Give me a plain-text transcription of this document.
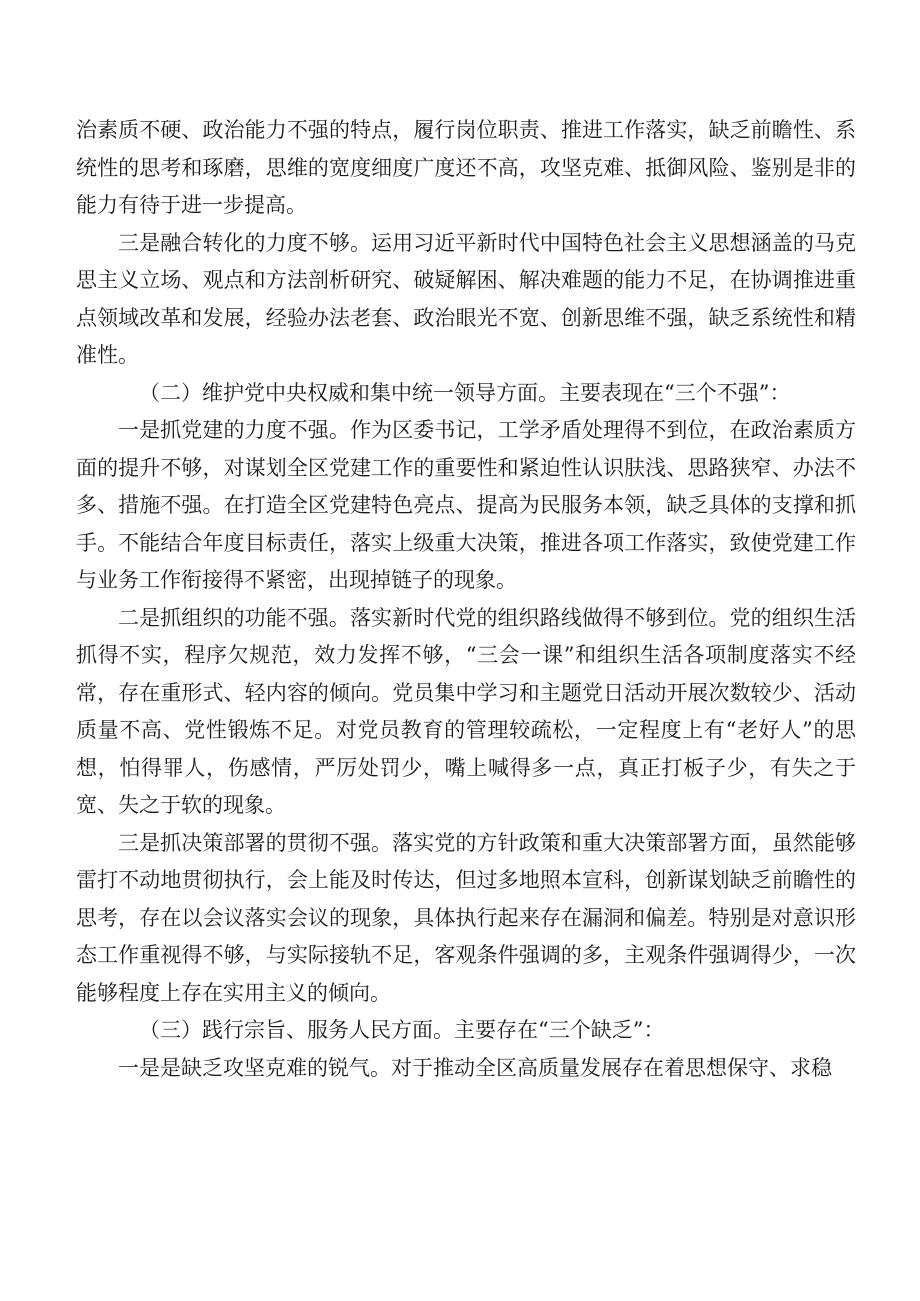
治素质不硬、政治能力不强的特点，履行岗位职责、推进工作落实，缺乏前瞻性、系统性的思考和琢磨，思维的宽度细度广度还不高，攻坚克难、抵御风险、鉴别是非的能力有待于进一步提高。

三是融合转化的力度不够。运用习近平新时代中国特色社会主义思想涵盖的马克思主义立场、观点和方法剖析研究、破疑解困、解决难题的能力不足，在协调推进重点领域改革和发展，经验办法老套、政治眼光不宽、创新思维不强，缺乏系统性和精准性。

（二）维护党中央权威和集中统一领导方面。主要表现在“三个不强”：

一是抓党建的力度不强。作为区委书记，工学矛盾处理得不到位，在政治素质方面的提升不够，对谋划全区党建工作的重要性和紧迫性认识肤浅、思路狭窄、办法不多、措施不强。在打造全区党建特色亮点、提高为民服务本领，缺乏具体的支撑和抓手。不能结合年度目标责任，落实上级重大决策，推进各项工作落实，致使党建工作与业务工作衔接得不紧密，出现掉链子的现象。

二是抓组织的功能不强。落实新时代党的组织路线做得不够到位。党的组织生活抓得不实，程序欠规范，效力发挥不够，“三会一课”和组织生活各项制度落实不经常，存在重形式、轻内容的倾向。党员集中学习和主题党日活动开展次数较少、活动质量不高、党性锻炼不足。对党员教育的管理较疏松，一定程度上有“老好人”的思想，怕得罪人，伤感情，严厉处罚少，嘴上喊得多一点，真正打板子少，有失之于宽、失之于软的现象。

三是抓决策部署的贯彻不强。落实党的方针政策和重大决策部署方面，虽然能够雷打不动地贯彻执行，会上能及时传达，但过多地照本宣科，创新谋划缺乏前瞻性的思考，存在以会议落实会议的现象，具体执行起来存在漏洞和偏差。特别是对意识形态工作重视得不够，与实际接轨不足，客观条件强调的多，主观条件强调得少，一次能够程度上存在实用主义的倾向。

（三）践行宗旨、服务人民方面。主要存在“三个缺乏”：

一是是缺乏攻坚克难的锐气。对于推动全区高质量发展存在着思想保守、求稳
